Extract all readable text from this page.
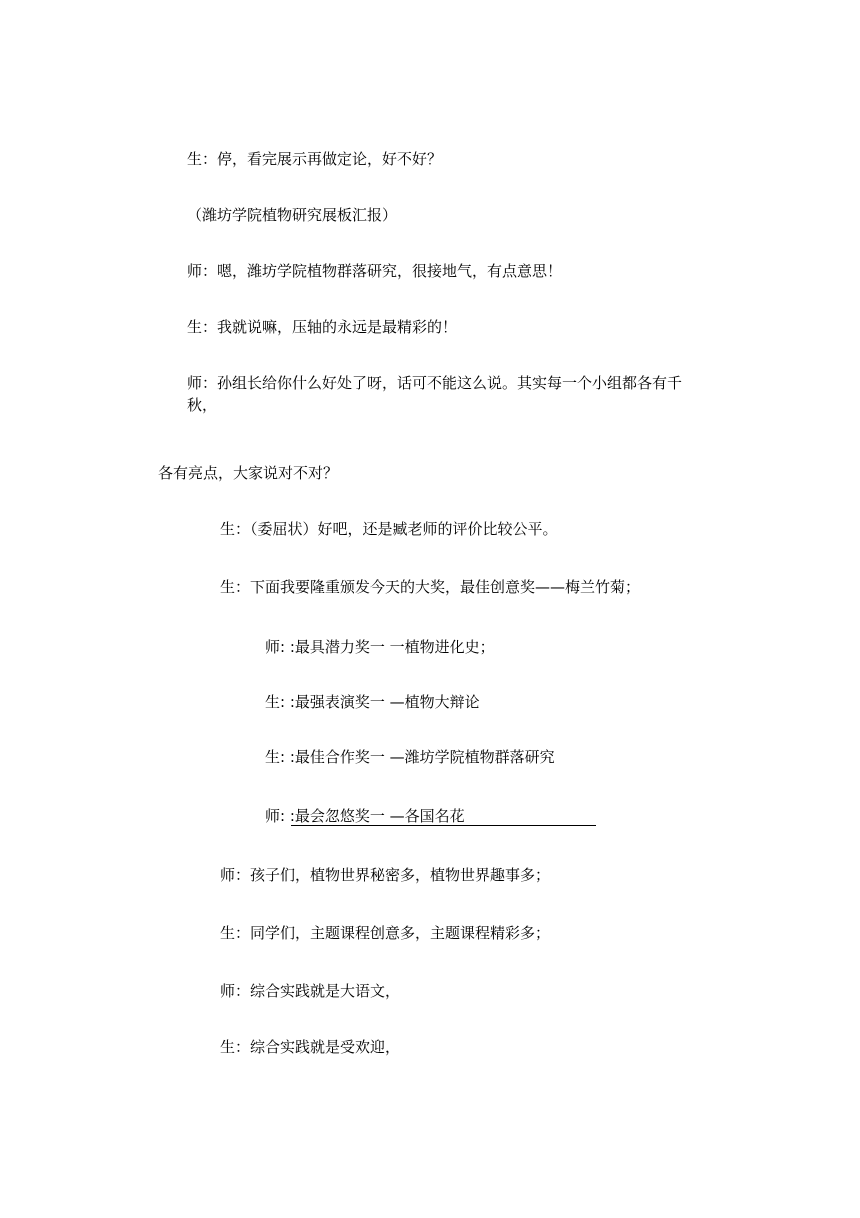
生：停，看完展示再做定论，好不好？
（潍坊学院植物研究展板汇报）
师：嗯，潍坊学院植物群落研究，很接地气，有点意思！
生：我就说嘛，压轴的永远是最精彩的！
师：孙组长给你什么好处了呀，话可不能这么说。其实每一个小组都各有千秋，
各有亮点，大家说对不对？
生：（委屈状）好吧，还是臧老师的评价比较公平。
生：下面我要隆重颁发今天的大奖，最佳创意奖——梅兰竹菊；
师: :最具潜力奖一 一植物进化史；
生: :最强表演奖一 —植物大辩论
生: :最佳合作奖一 —潍坊学院植物群落研究
师: :最会忽悠奖一 —各国名花
师：孩子们，植物世界秘密多，植物世界趣事多；
生：同学们，主题课程创意多，主题课程精彩多；
师：综合实践就是大语文，
生：综合实践就是受欢迎，
